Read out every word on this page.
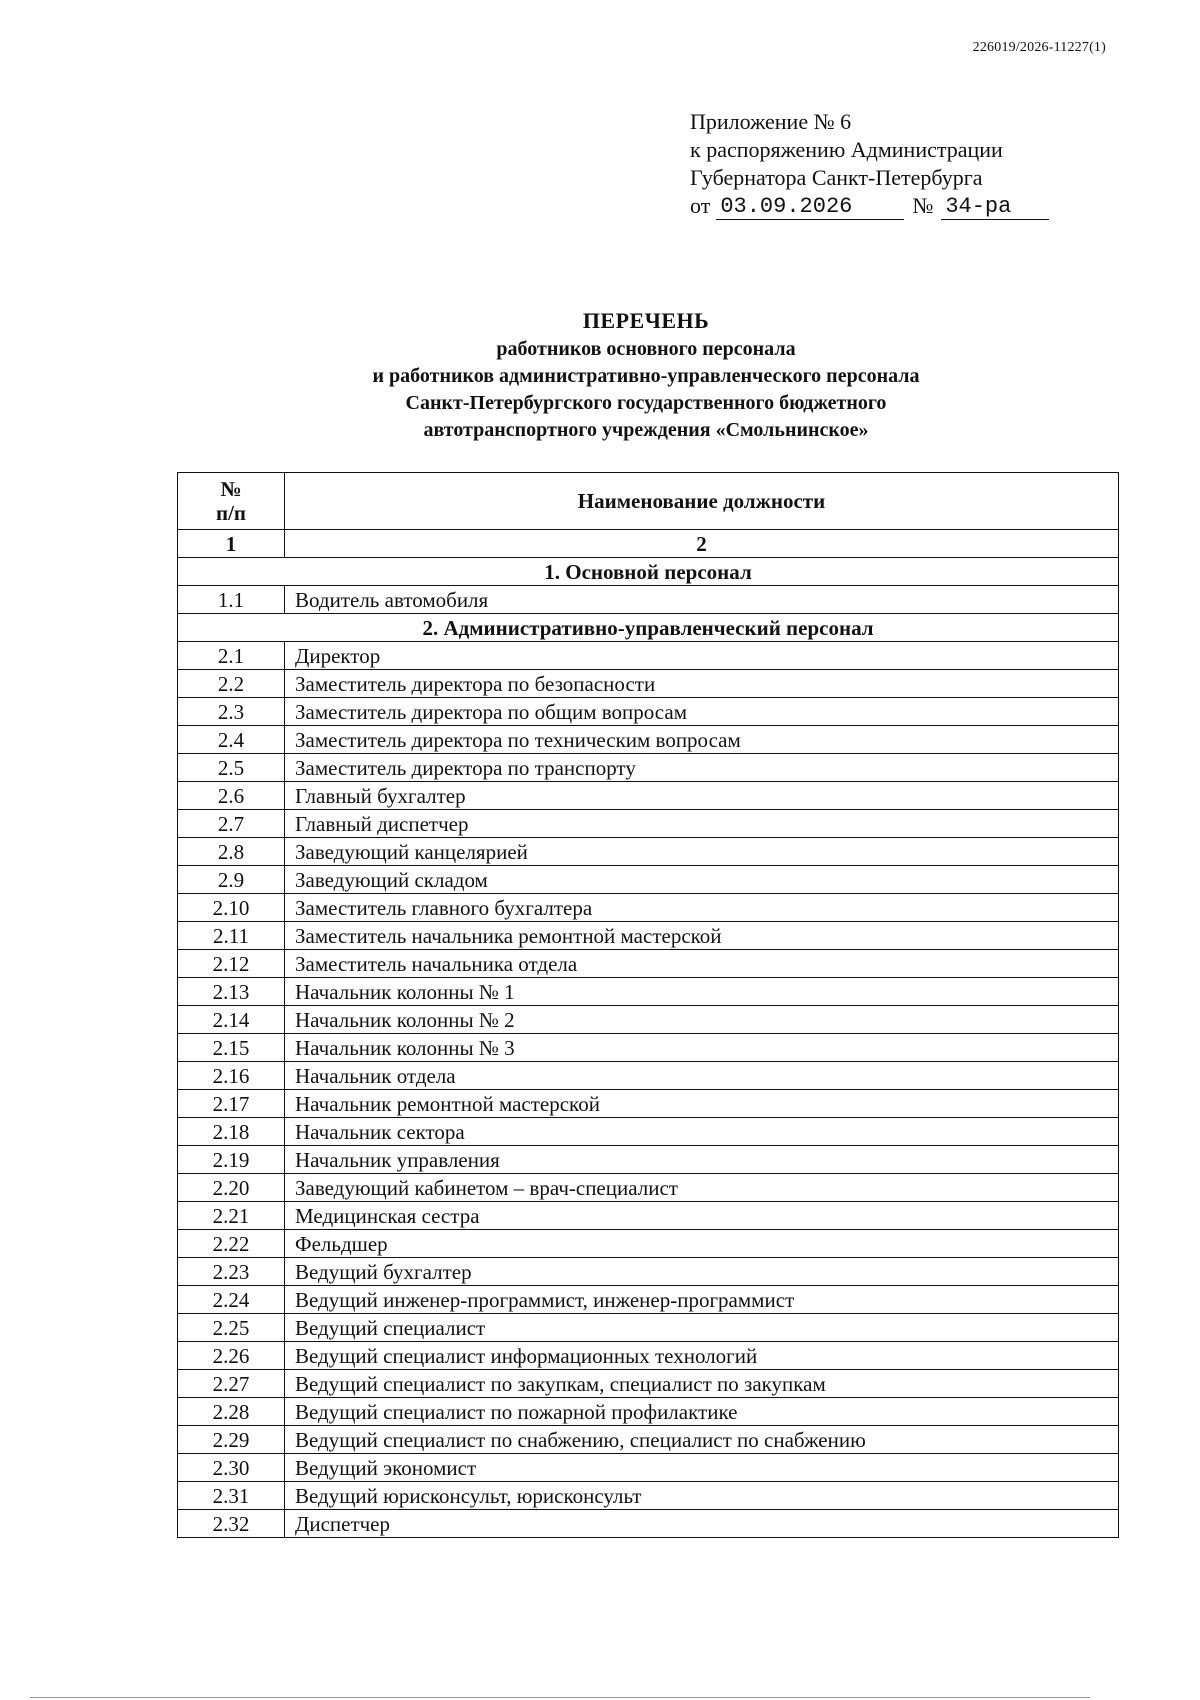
226019/2026-11227(1)
Приложение № 6
к распоряжению Администрации
Губернатора Санкт-Петербурга
от 03.09.2026	№ 34-ра
ПЕРЕЧЕНЬ
работников основного персонала
и работников административно-управленческого персонала
Санкт-Петербургского государственного бюджетного
автотранспортного учреждения «Смольнинское»
№
п/п	Наименование должности
1	2
1. Основной персонал	
1.1	Водитель автомобиля
2. Административно-управленческий персонал	
2.1	Директор
2.2	Заместитель директора по безопасности
2.3	Заместитель директора по общим вопросам
2.4	Заместитель директора по техническим вопросам
2.5	Заместитель директора по транспорту
2.6	Главный бухгалтер
2.7	Главный диспетчер
2.8	Заведующий канцелярией
2.9	Заведующий складом
2.10	Заместитель главного бухгалтера
2.11	Заместитель начальника ремонтной мастерской
2.12	Заместитель начальника отдела
2.13	Начальник колонны № 1
2.14	Начальник колонны № 2
2.15	Начальник колонны № 3
2.16	Начальник отдела
2.17	Начальник ремонтной мастерской
2.18	Начальник сектора
2.19	Начальник управления
2.20	Заведующий кабинетом – врач-специалист
2.21	Медицинская сестра
2.22	Фельдшер
2.23	Ведущий бухгалтер
2.24	Ведущий инженер-программист, инженер-программист
2.25	Ведущий специалист
2.26	Ведущий специалист информационных технологий
2.27	Ведущий специалист по закупкам, специалист по закупкам
2.28	Ведущий специалист по пожарной профилактике
2.29	Ведущий специалист по снабжению, специалист по снабжению
2.30	Ведущий экономист
2.31	Ведущий юрисконсульт, юрисконсульт
2.32	Диспетчер
